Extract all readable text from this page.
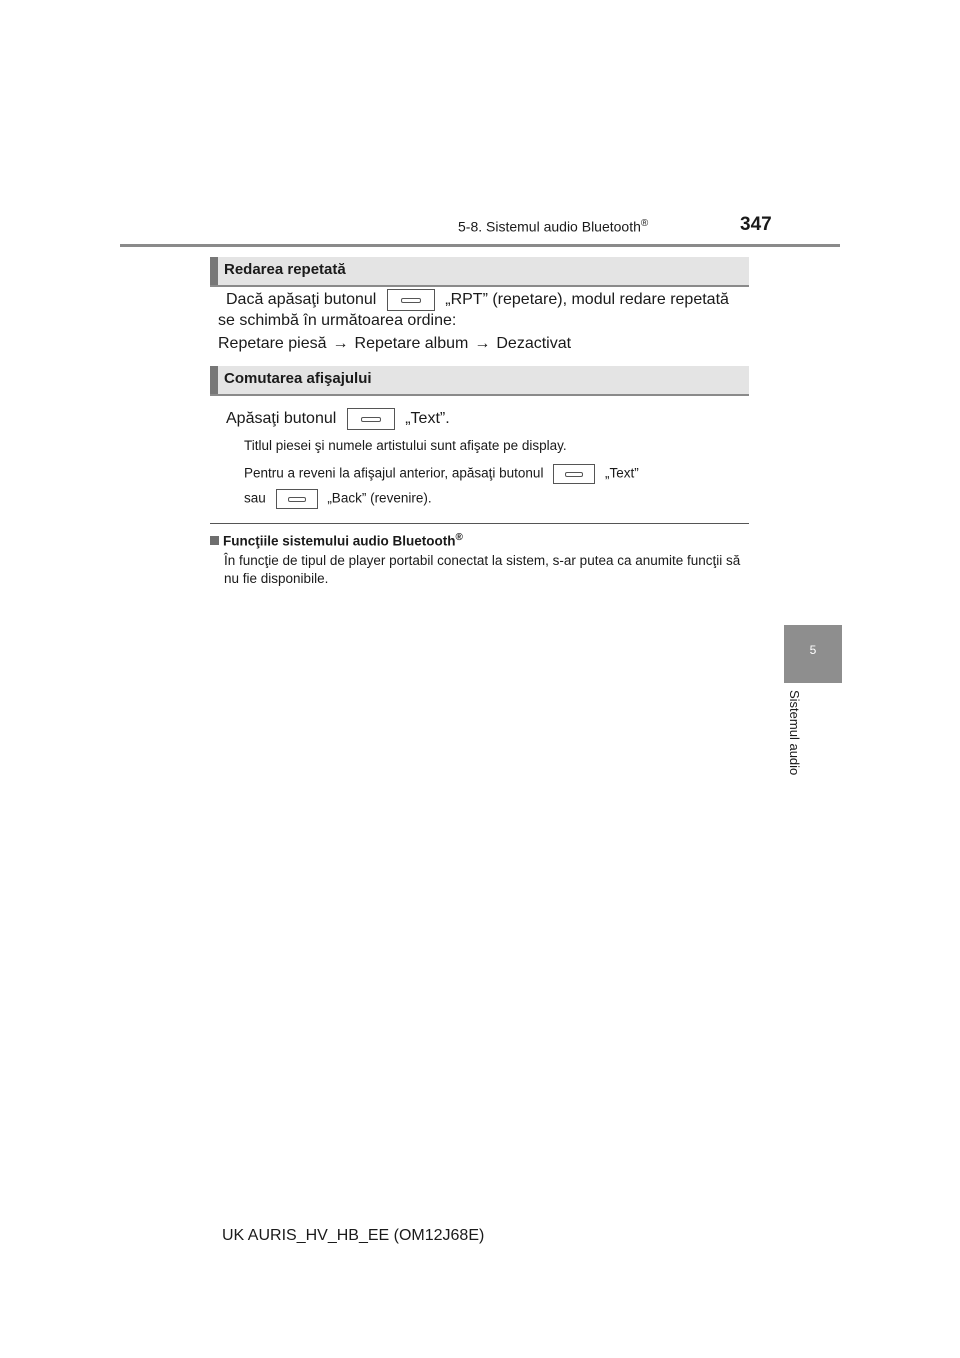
5-8. Sistemul audio Bluetooth®	347
5
Sistemul audio
Redarea repetată
Dacă apăsaţi butonul	„RPT” (repetare), modul redare repetată
se schimbă în următoarea ordine:
Repetare piesă → Repetare album → Dezactivat
Comutarea afişajului
Apăsaţi butonul	„Text”.
Titlul piesei şi numele artistului sunt afişate pe display.
Pentru a reveni la afişajul anterior, apăsaţi butonul	„Text”
sau	„Back” (revenire).
Funcţiile sistemului audio Bluetooth®
În funcţie de tipul de player portabil conectat la sistem, s-ar putea ca anumite funcţii să nu fie disponibile.
UK AURIS_HV_HB_EE (OM12J68E)
